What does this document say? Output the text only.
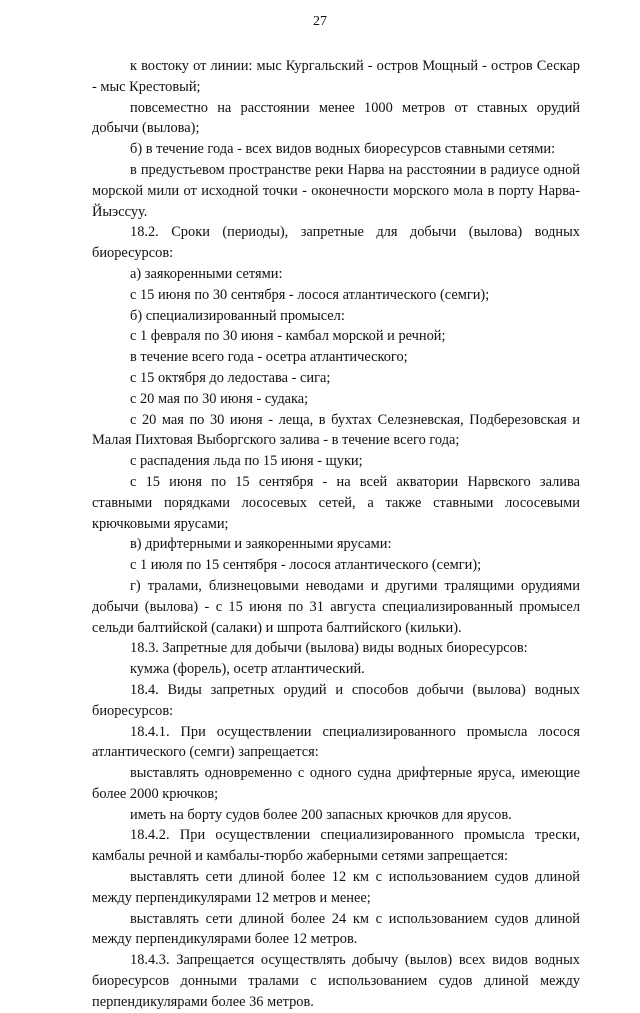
27

к востоку от линии: мыс Кургальский - остров Мощный - остров Сескар - мыс Крестовый;

повсеместно на расстоянии менее 1000 метров от ставных орудий добычи (вылова);

б) в течение года - всех видов водных биоресурсов ставными сетями:

в предустьевом пространстве реки Нарва на расстоянии в радиусе одной морской мили от исходной точки - оконечности морского мола в порту Нарва-Йыэссуу.

18.2. Сроки (периоды), запретные для добычи (вылова) водных биоресурсов:

а) заякоренными сетями:

с 15 июня по 30 сентября - лосося атлантического (семги);

б) специализированный промысел:

с 1 февраля по 30 июня - камбал морской и речной;

в течение всего года - осетра атлантического;

с 15 октября до ледостава - сига;

с 20 мая по 30 июня - судака;

с 20 мая по 30 июня - леща, в бухтах Селезневская, Подберезовская и Малая Пихтовая Выборгского залива - в течение всего года;

с распадения льда по 15 июня - щуки;

с 15 июня по 15 сентября - на всей акватории Нарвского залива ставными порядками лососевых сетей, а также ставными лососевыми крючковыми ярусами;

в) дрифтерными и заякоренными ярусами:

с 1 июля по 15 сентября - лосося атлантического (семги);

г) тралами, близнецовыми неводами и другими тралящими орудиями добычи (вылова) - с 15 июня по 31 августа специализированный промысел сельди балтийской (салаки) и шпрота балтийского (кильки).

18.3. Запретные для добычи (вылова) виды водных биоресурсов:

кумжа (форель), осетр атлантический.

18.4. Виды запретных орудий и способов добычи (вылова) водных биоресурсов:

18.4.1. При осуществлении специализированного промысла лосося атлантического (семги) запрещается:

выставлять одновременно с одного судна дрифтерные яруса, имеющие более 2000 крючков;

иметь на борту судов более 200 запасных крючков для ярусов.

18.4.2. При осуществлении специализированного промысла трески, камбалы речной и камбалы-тюрбо жаберными сетями запрещается:

выставлять сети длиной более 12 км с использованием судов длиной между перпендикулярами 12 метров и менее;

выставлять сети длиной более 24 км с использованием судов длиной между перпендикулярами более 12 метров.

18.4.3. Запрещается осуществлять добычу (вылов) всех видов водных биоресурсов донными тралами с использованием судов длиной между перпендикулярами более 36 метров.
